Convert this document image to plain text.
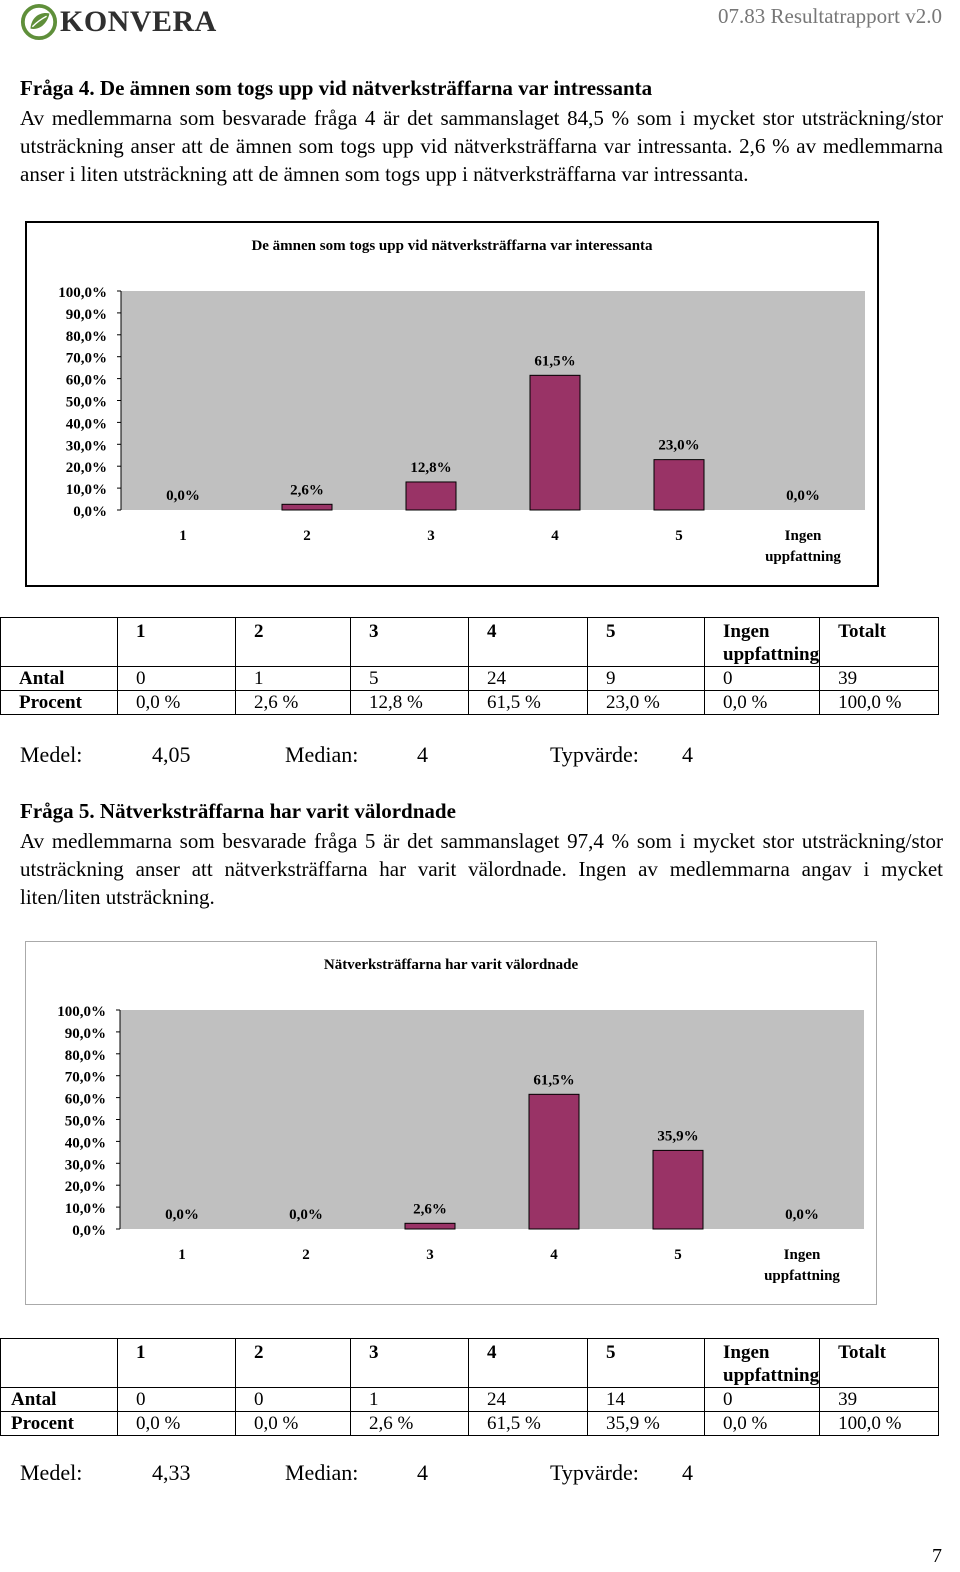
KONVERA	07.83 Resultatrapport v2.0
Fråga 4. De ämnen som togs upp vid nätverksträffarna var intressanta
Av medlemmarna som besvarade fråga 4 är det sammanslaget 84,5 % som i mycket stor utsträckning/stor utsträckning anser att de ämnen som togs upp vid nätverksträffarna var intressanta. 2,6 % av medlemmarna anser i liten utsträckning att de ämnen som togs upp i nätverksträffarna var intressanta.
De ämnen som togs upp vid nätverksträffarna var interessanta
100,0%
90,0%
80,0%
70,0%
60,0%
50,0%
40,0%
30,0%
20,0%
10,0%
0,0%
0,0%	2,6%
12,8%
61,5%
23,0%
0,0%
1	2	3	4	5	Ingen uppfattning
	1	2	3	4	5	Ingen uppfattning	Totalt
Antal	0	1	5	24	9	0	39
Procent	0,0 %	2,6 %	12,8 %	61,5 %	23,0 %	0,0 %	100,0 %
Medel:	4,05	Median:	4	Typvärde: 4
Fråga 5. Nätverksträffarna har varit välordnade
Av medlemmarna som besvarade fråga 5 är det sammanslaget 97,4 % som i mycket stor utsträckning/stor utsträckning anser att nätverksträffarna har varit välordnade. Ingen av medlemmarna angav i mycket liten/liten utsträckning.
Nätverksträffarna har varit välordnade
100,0%
90,0%
80,0%
70,0%
60,0%
50,0%
40,0%
30,0%
20,0%
10,0%
0,0%
0,0%	0,0%	2,6%
61,5%
35,9%
0,0%
1	2	3	4	5	Ingen uppfattning
	1	2	3	4	5	Ingen uppfattning	Totalt
Antal	0	0	1	24	14	0	39
Procent	0,0 %	0,0 %	2,6 %	61,5 %	35,9 %	0,0 %	100,0 %
Medel:	4,33	Median:	4	Typvärde: 4
7
